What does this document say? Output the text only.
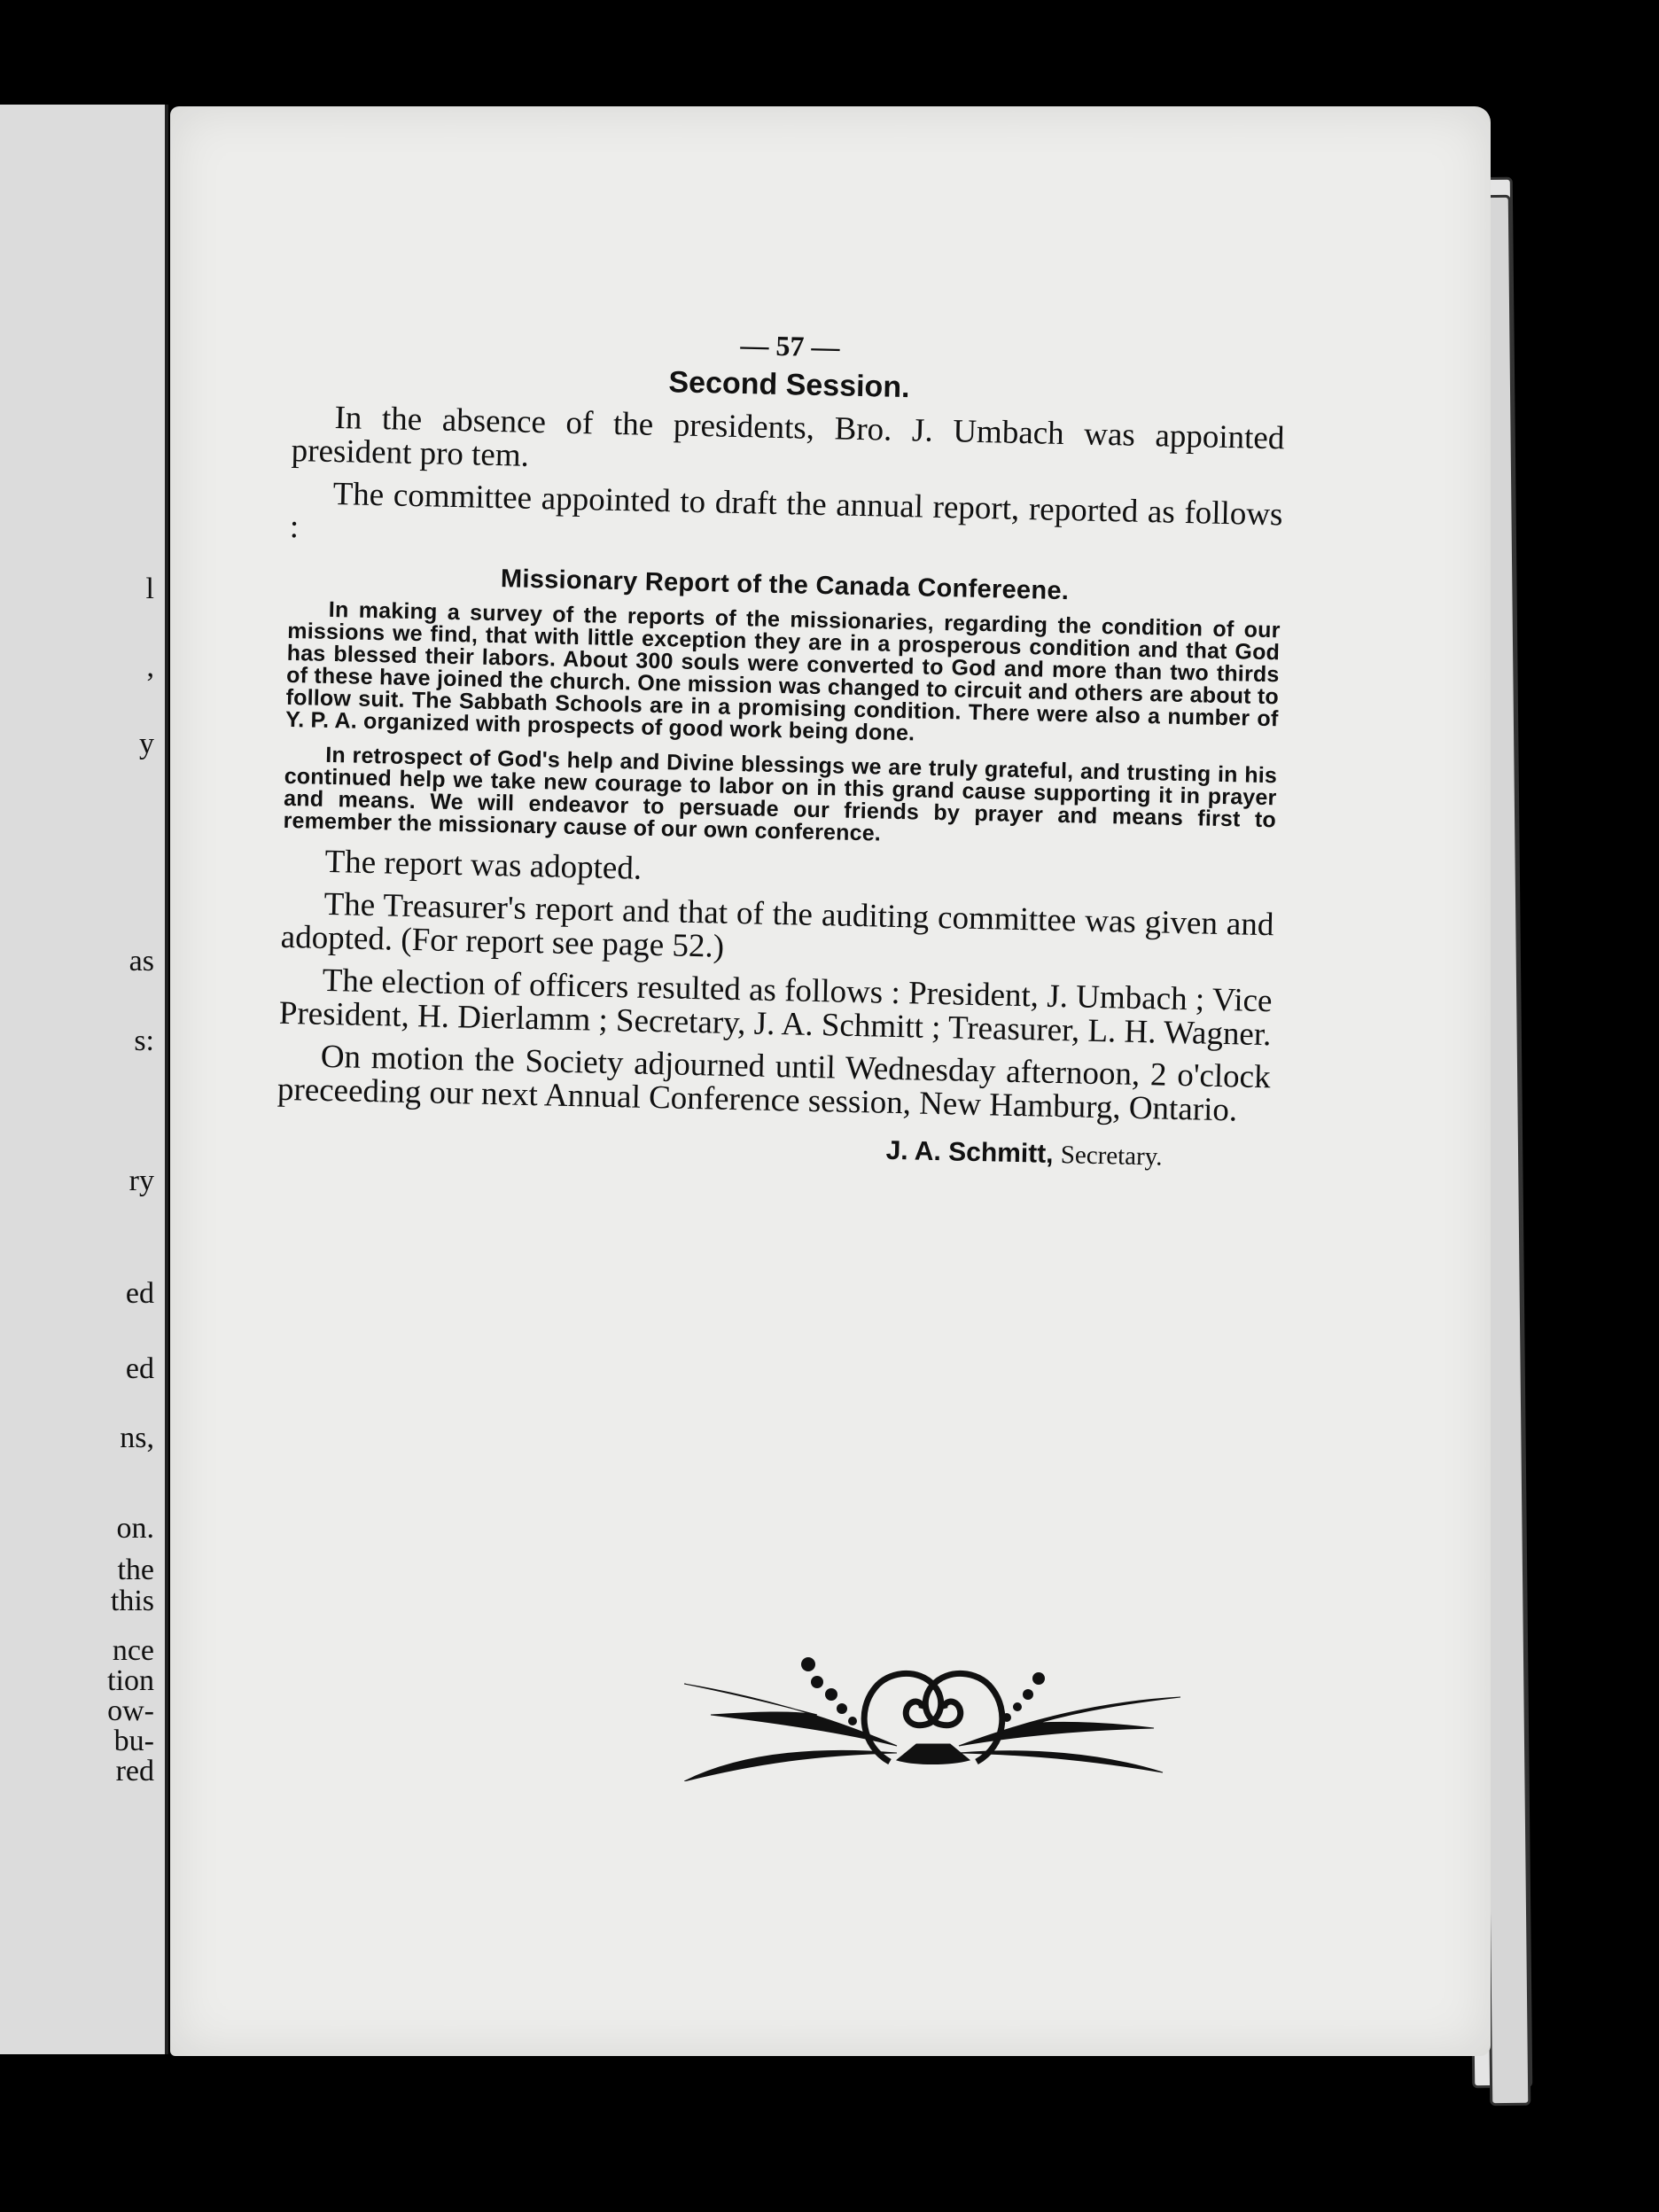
l
,
y
as
s:
ry
ed
ed
ns,
on.
the
this
nce
tion
ow-
bu-
red
— 57 —
Second Session.

In the absence of the presidents, Bro. J. Umbach was appointed president pro tem.

The committee appointed to draft the annual report, reported as follows :

Missionary Report of the Canada Confereene.

In making a survey of the reports of the missionaries, regarding the condition of our missions we find, that with little exception they are in a prosperous condition and that God has blessed their labors. About 300 souls were converted to God and more than two thirds of these have joined the church. One mission was changed to circuit and others are about to follow suit. The Sabbath Schools are in a promising condition. There were also a number of Y. P. A. organized with prospects of good work being done.

In retrospect of God's help and Divine blessings we are truly grateful, and trusting in his continued help we take new courage to labor on in this grand cause supporting it in prayer and means. We will endeavor to persuade our friends by prayer and means first to remember the missionary cause of our own conference.

The report was adopted.

The Treasurer's report and that of the auditing committee was given and adopted. (For report see page 52.)

The election of officers resulted as follows : President, J. Umbach ; Vice President, H. Dierlamm ; Secretary, J. A. Schmitt ; Treasurer, L. H. Wagner.

On motion the Society adjourned until Wednesday afternoon, 2 o'clock preceeding our next Annual Conference session, New Hamburg, Ontario.

J. A. Schmitt, Secretary.
